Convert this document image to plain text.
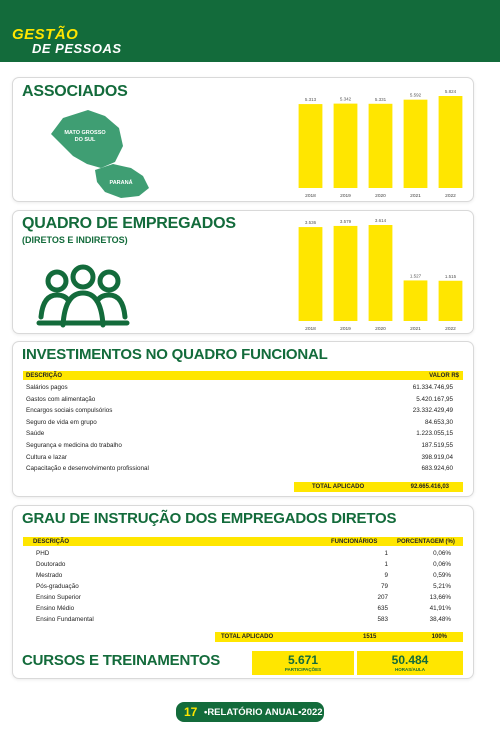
GESTÃO
DE PESSOAS
ASSOCIADOS
MATO GROSSO
DO SUL
PARANÁ
5.313
2018
5.342
2019
5.331
2020
5.592
2021
5.824
2022
QUADRO DE EMPREGADOS
(DIRETOS E INDIRETOS)
3.536
2018
3.579
2019
3.614
2020
1.527
2021
1.515
2022
INVESTIMENTOS NO QUADRO FUNCIONAL
DESCRIÇÃO	VALOR R$
TOTAL APLICADO	92.665.416,03
Salários pagos	61.334.746,95
Gastos com alimentação	5.420.167,95
Encargos sociais compulsórios	23.332.429,49
Seguro de vida em grupo	84.653,30
Saúde	1.223.055,15
Segurança e medicina do trabalho	187.519,55
Cultura e lazar	398.919,04
Capacitação e desenvolvimento profissional	683.924,60
GRAU DE INSTRUÇÃO DOS EMPREGADOS DIRETOS
DESCRIÇÃO	FUNCIONÁRIOS	PORCENTAGEM (%)
TOTAL APLICADO	1515	100%
CURSOS E TREINAMENTOS	5.671
PARTICIPAÇÕES
50.484
HORAS/AULA
PHD	1	0,06%
Doutorado	1	0,06%
Mestrado	9	0,59%
Pós-graduação	79	5,21%
Ensino Superior	207	13,66%
Ensino Médio	635	41,91%
Ensino Fundamental	583	38,48%
17 •RELATÓRIO ANUAL•2022
